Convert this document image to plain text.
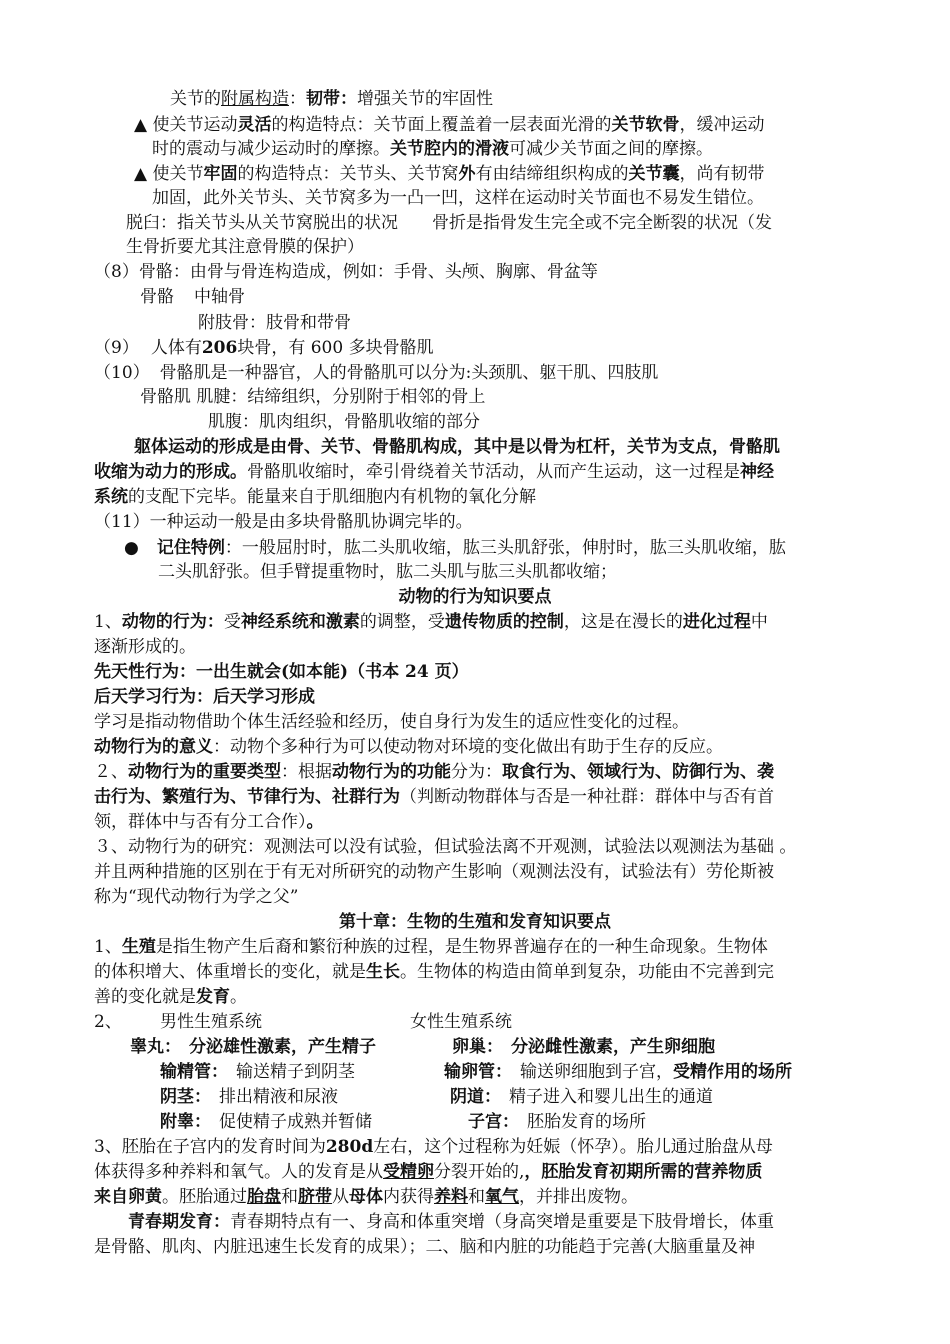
关节的附属构造：韧带：增强关节的牢固性
▲ 使关节运动灵活的构造特点：关节面上覆盖着一层表面光滑的关节软骨，缓冲运动
时的震动与减少运动时的摩擦。关节腔内的滑液可减少关节面之间的摩擦。
▲ 使关节牢固的构造特点：关节头、关节窝外有由结缔组织构成的关节囊，尚有韧带
加固，此外关节头、关节窝多为一凸一凹，这样在运动时关节面也不易发生错位。
脱臼：指关节头从关节窝脱出的状况 骨折是指骨发生完全或不完全断裂的状况（发
生骨折要尤其注意骨膜的保护）
（8）骨骼：由骨与骨连构造成，例如：手骨、头颅、胸廓、骨盆等
骨骼 中轴骨
附肢骨：肢骨和带骨
（9） 人体有206块骨，有 600 多块骨骼肌
（10） 骨骼肌是一种器官，人的骨骼肌可以分为:头颈肌、躯干肌、四肢肌
骨骼肌 肌腱：结缔组织，分别附于相邻的骨上
肌腹：肌肉组织，骨骼肌收缩的部分
躯体运动的形成是由骨、关节、骨骼肌构成，其中是以骨为杠杆，关节为支点，骨骼肌
收缩为动力的形成。骨骼肌收缩时，牵引骨绕着关节活动，从而产生运动，这一过程是神经
系统的支配下完毕。能量来自于肌细胞内有机物的氧化分解
（11）一种运动一般是由多块骨骼肌协调完毕的。
● 记住特例：一般屈肘时，肱二头肌收缩，肱三头肌舒张，伸肘时，肱三头肌收缩，肱
二头肌舒张。但手臂提重物时，肱二头肌与肱三头肌都收缩；
动物的行为知识要点
1、动物的行为：受神经系统和激素的调整，受遗传物质的控制，这是在漫长的进化过程中
逐渐形成的。
先天性行为：一出生就会(如本能)（书本 24 页）
后天学习行为：后天学习形成
学习是指动物借助个体生活经验和经历，使自身行为发生的适应性变化的过程。
动物行为的意义：动物个多种行为可以使动物对环境的变化做出有助于生存的反应。
２、动物行为的重要类型：根据动物行为的功能分为：取食行为、领域行为、防御行为、袭
击行为、繁殖行为、节律行为、社群行为（判断动物群体与否是一种社群：群体中与否有首
领，群体中与否有分工合作）。
３、动物行为的研究：观测法可以没有试验，但试验法离不开观测，试验法以观测法为基础 。
并且两种措施的区别在于有无对所研究的动物产生影响（观测法没有，试验法有）劳伦斯被
称为“现代动物行为学之父”
第十章：生物的生殖和发育知识要点
1、生殖是指生物产生后裔和繁衍种族的过程，是生物界普遍存在的一种生命现象。生物体
的体积增大、体重增长的变化，就是生长。生物体的构造由简单到复杂，功能由不完善到完
善的变化就是发育。
2、 男性生殖系统	女性生殖系统
睾丸： 分泌雄性激素，产生精子	卵巢： 分泌雌性激素，产生卵细胞
输精管： 输送精子到阴茎	输卵管： 输送卵细胞到子宫，受精作用的场所
阴茎： 排出精液和尿液	阴道： 精子进入和婴儿出生的通道
附睾： 促使精子成熟并暂储	子宫： 胚胎发育的场所
3、胚胎在子宫内的发育时间为280d左右，这个过程称为妊娠（怀孕）。胎儿通过胎盘从母
体获得多种养料和氧气。人的发育是从受精卵分裂开始的,，胚胎发育初期所需的营养物质
来自卵黄。胚胎通过胎盘和脐带从母体内获得养料和氧气，并排出废物。
青春期发育：青春期特点有一、身高和体重突增（身高突增是重要是下肢骨增长，体重
是骨骼、肌肉、内脏迅速生长发育的成果）；二、脑和内脏的功能趋于完善(大脑重量及神
